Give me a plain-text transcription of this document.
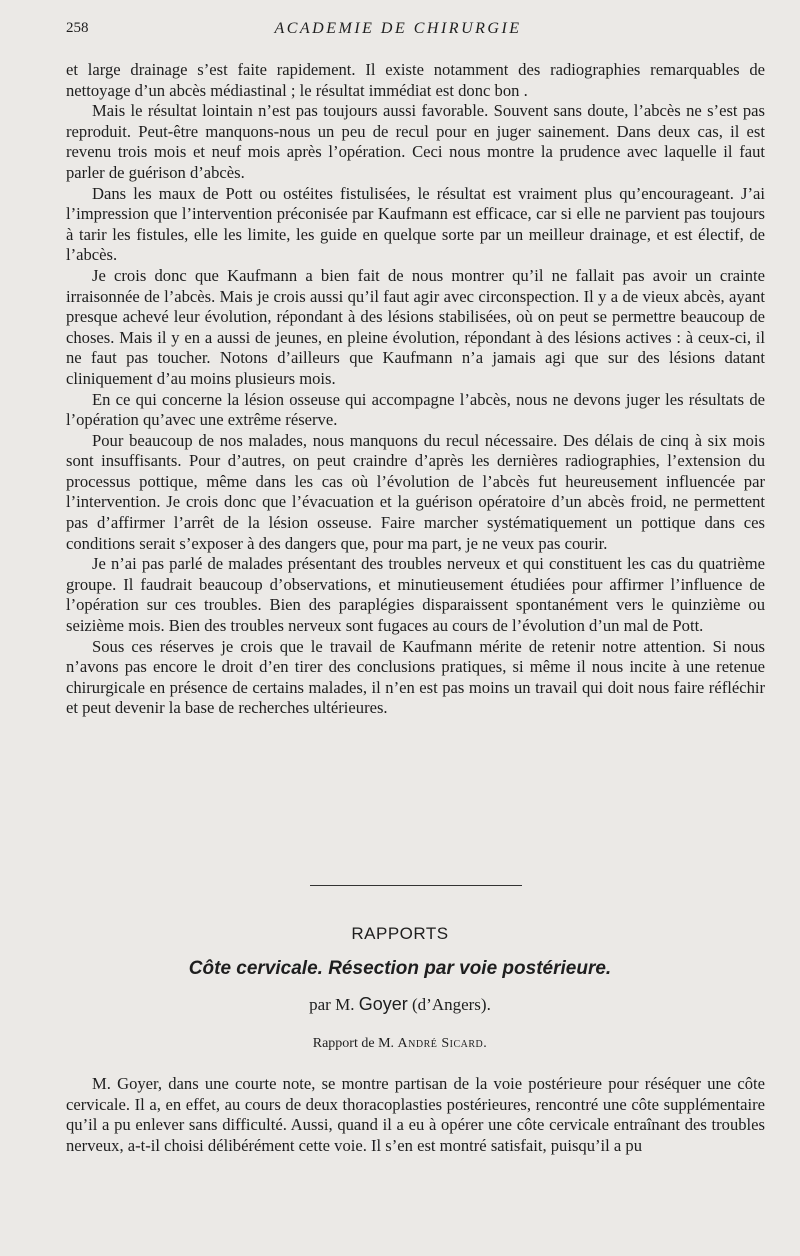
258	ACADEMIE DE CHIRURGIE

et large drainage s’est faite rapidement. Il existe notamment des radiographies remarquables de nettoyage d’un abcès médiastinal ; le résultat immédiat est donc bon .

Mais le résultat lointain n’est pas toujours aussi favorable. Souvent sans doute, l’abcès ne s’est pas reproduit. Peut-être manquons-nous un peu de recul pour en juger sainement. Dans deux cas, il est revenu trois mois et neuf mois après l’opération. Ceci nous montre la prudence avec laquelle il faut parler de guérison d’abcès.

Dans les maux de Pott ou ostéites fistulisées, le résultat est vraiment plus qu’encourageant. J’ai l’impression que l’intervention préconisée par Kaufmann est efficace, car si elle ne parvient pas toujours à tarir les fistules, elle les limite, les guide en quelque sorte par un meilleur drainage, et est électif, de l’abcès.

Je crois donc que Kaufmann a bien fait de nous montrer qu’il ne fallait pas avoir un crainte irraisonnée de l’abcès. Mais je crois aussi qu’il faut agir avec circonspection. Il y a de vieux abcès, ayant presque achevé leur évolution, répondant à des lésions stabilisées, où on peut se permettre beaucoup de choses. Mais il y en a aussi de jeunes, en pleine évolution, répondant à des lésions actives : à ceux-ci, il ne faut pas toucher. Notons d’ailleurs que Kaufmann n’a jamais agi que sur des lésions datant cliniquement d’au moins plusieurs mois.

En ce qui concerne la lésion osseuse qui accompagne l’abcès, nous ne devons juger les résultats de l’opération qu’avec une extrême réserve.

Pour beaucoup de nos malades, nous manquons du recul nécessaire. Des délais de cinq à six mois sont insuffisants. Pour d’autres, on peut craindre d’après les dernières radiographies, l’extension du processus pottique, même dans les cas où l’évolution de l’abcès fut heureusement influencée par l’intervention. Je crois donc que l’évacuation et la guérison opératoire d’un abcès froid, ne permettent pas d’affirmer l’arrêt de la lésion osseuse. Faire marcher systématiquement un pottique dans ces conditions serait s’exposer à des dangers que, pour ma part, je ne veux pas courir.

Je n’ai pas parlé de malades présentant des troubles nerveux et qui constituent les cas du quatrième groupe. Il faudrait beaucoup d’observations, et minutieusement étudiées pour affirmer l’influence de l’opération sur ces troubles. Bien des paraplégies disparaissent spontanément vers le quinzième ou seizième mois. Bien des troubles nerveux sont fugaces au cours de l’évolution d’un mal de Pott.

Sous ces réserves je crois que le travail de Kaufmann mérite de retenir notre attention. Si nous n’avons pas encore le droit d’en tirer des conclusions pratiques, si même il nous incite à une retenue chirurgicale en présence de certains malades, il n’en est pas moins un travail qui doit nous faire réfléchir et peut devenir la base de recherches ultérieures.

RAPPORTS
Côte cervicale. Résection par voie postérieure.
par M. Goyer (d’Angers).
Rapport de M. André Sicard.

M. Goyer, dans une courte note, se montre partisan de la voie postérieure pour réséquer une côte cervicale. Il a, en effet, au cours de deux thoracoplasties postérieures, rencontré une côte supplémentaire qu’il a pu enlever sans difficulté. Aussi, quand il a eu à opérer une côte cervicale entraînant des troubles nerveux, a-t-il choisi délibérément cette voie. Il s’en est montré satisfait, puisqu’il a pu
